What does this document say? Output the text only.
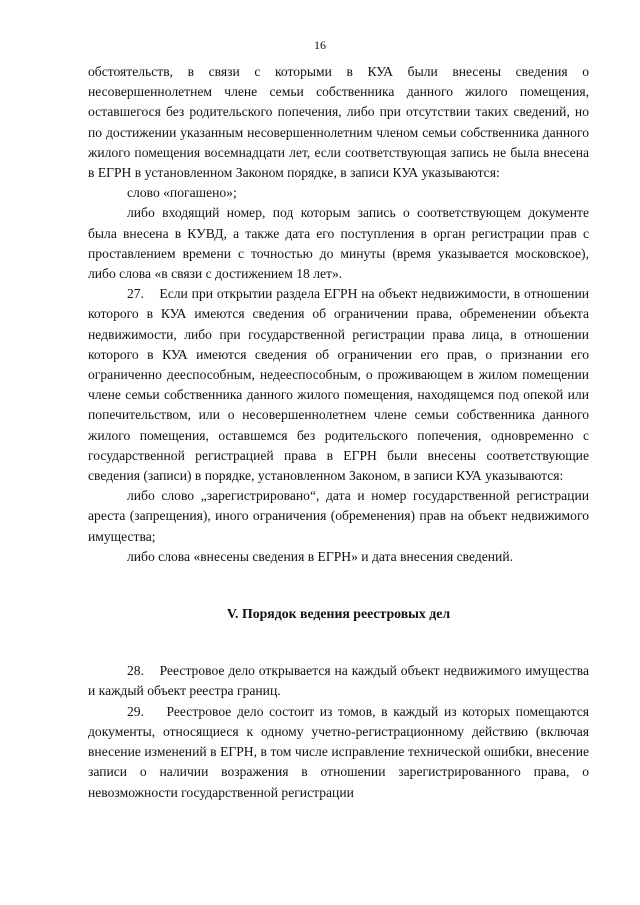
16

обстоятельств, в связи с которыми в КУА были внесены сведения о несовершеннолетнем члене семьи собственника данного жилого помещения, оставшегося без родительского попечения, либо при отсутствии таких сведений, но по достижении указанным несовершеннолетним членом семьи собственника данного жилого помещения восемнадцати лет, если соответствующая запись не была внесена в ЕГРН в установленном Законом порядке, в записи КУА указываются:

слово «погашено»;

либо входящий номер, под которым запись о соответствующем документе была внесена в КУВД, а также дата его поступления в орган регистрации прав с проставлением времени с точностью до минуты (время указывается московское), либо слова «в связи с достижением 18 лет».

27.    Если при открытии раздела ЕГРН на объект недвижимости, в отношении которого в КУА имеются сведения об ограничении права, обременении объекта недвижимости, либо при государственной регистрации права лица, в отношении которого в КУА имеются сведения об ограничении его прав, о признании его ограниченно дееспособным, недееспособным, о проживающем в жилом помещении члене семьи собственника данного жилого помещения, находящемся под опекой или попечительством, или о несовершеннолетнем члене семьи собственника данного жилого помещения, оставшемся без родительского попечения, одновременно с государственной регистрацией права в ЕГРН были внесены соответствующие сведения (записи) в порядке, установленном Законом, в записи КУА указываются:

либо слово „зарегистрировано“, дата и номер государственной регистрации ареста (запрещения), иного ограничения (обременения) прав на объект недвижимого имущества;

либо слова «внесены сведения в ЕГРН» и дата внесения сведений.

V. Порядок ведения реестровых дел

28.    Реестровое дело открывается на каждый объект недвижимого имущества и каждый объект реестра границ.

29.    Реестровое дело состоит из томов, в каждый из которых помещаются документы, относящиеся к одному учетно-регистрационному действию (включая внесение изменений в ЕГРН, в том числе исправление технической ошибки, внесение записи о наличии возражения в отношении зарегистрированного права, о невозможности государственной регистрации
